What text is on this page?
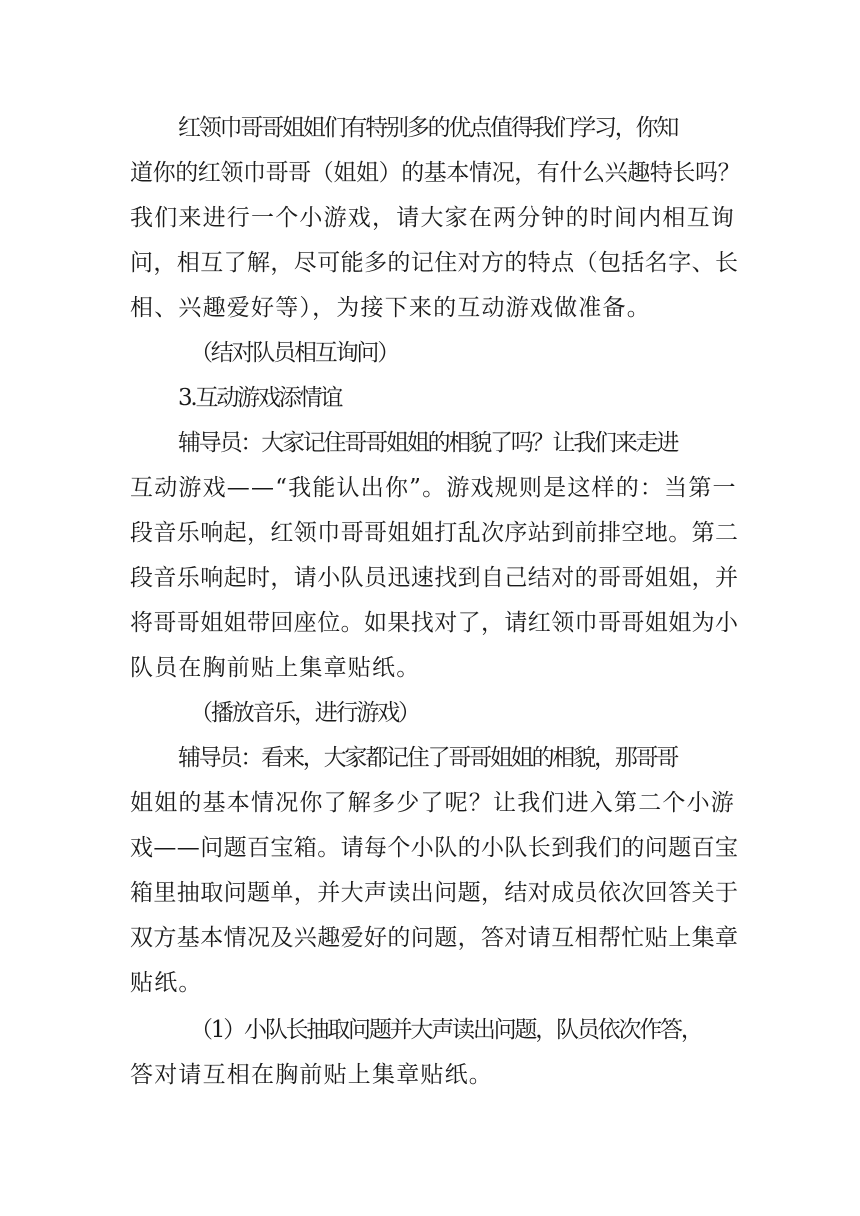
红领巾哥哥姐姐们有特别多的优点值得我们学习，你知
道你的红领巾哥哥（姐姐）的基本情况，有什么兴趣特长吗？
我们来进行一个小游戏，请大家在两分钟的时间内相互询
问，相互了解，尽可能多的记住对方的特点（包括名字、长
相、兴趣爱好等），为接下来的互动游戏做准备。
（结对队员相互询问）
3.互动游戏添情谊
辅导员：大家记住哥哥姐姐的相貌了吗？让我们来走进
互动游戏——“我能认出你”。游戏规则是这样的：当第一
段音乐响起，红领巾哥哥姐姐打乱次序站到前排空地。第二
段音乐响起时，请小队员迅速找到自己结对的哥哥姐姐，并
将哥哥姐姐带回座位。如果找对了，请红领巾哥哥姐姐为小
队员在胸前贴上集章贴纸。
（播放音乐，进行游戏）
辅导员：看来，大家都记住了哥哥姐姐的相貌，那哥哥
姐姐的基本情况你了解多少了呢？让我们进入第二个小游
戏——问题百宝箱。请每个小队的小队长到我们的问题百宝
箱里抽取问题单，并大声读出问题，结对成员依次回答关于
双方基本情况及兴趣爱好的问题，答对请互相帮忙贴上集章
贴纸。
（1）小队长抽取问题并大声读出问题，队员依次作答，
答对请互相在胸前贴上集章贴纸。
